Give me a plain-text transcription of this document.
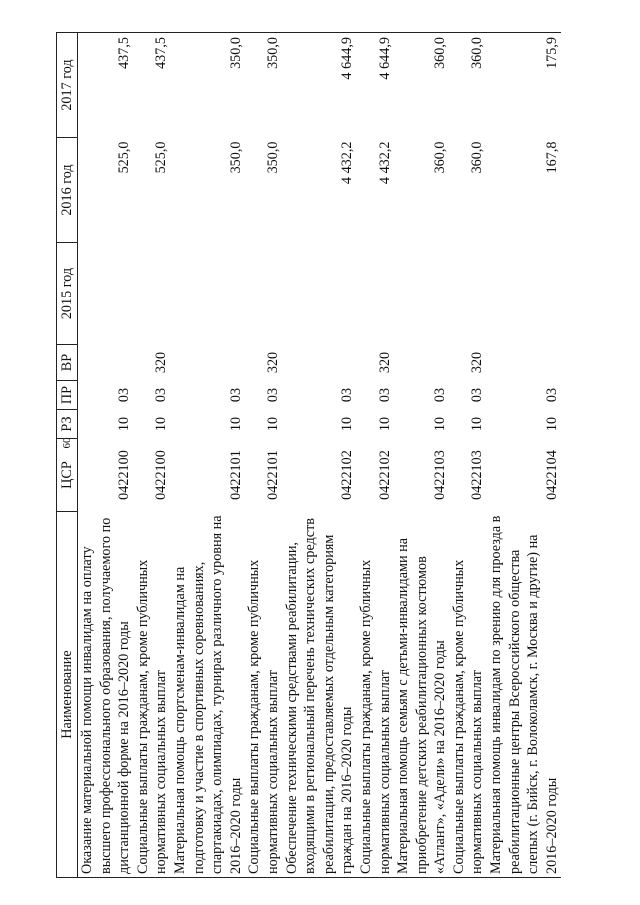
60
Наименование	ЦСР	РЗ	ПР	ВР	2015 год	2016 год	2017 год
Оказание материальной помощи инвалидам на оплату высшего профессионального образования, получаемого по дистанционной форме на 2016–2020 годы	0422100	10	03			525,0	437,5
Социальные выплаты гражданам, кроме публичных нормативных социальных выплат	0422100	10	03	320		525,0	437,5
Материальная помощь спортсменам-инвалидам на подготовку и участие в спортивных соревнованиях, спартакиадах, олимпиадах, турнирах различного уровня на 2016–2020 годы	0422101	10	03			350,0	350,0
Социальные выплаты гражданам, кроме публичных нормативных социальных выплат	0422101	10	03	320		350,0	350,0
Обеспечение техническими средствами реабилитации, входящими в региональный перечень технических средств реабилитации, предоставляемых отдельным категориям граждан на 2016–2020 годы	0422102	10	03			4 432,2	4 644,9
Социальные выплаты гражданам, кроме публичных нормативных социальных выплат	0422102	10	03	320		4 432,2	4 644,9
Материальная помощь семьям с детьми-инвалидами на приобретение детских реабилитационных костюмов «Атлант», «Адели» на 2016–2020 годы	0422103	10	03			360,0	360,0
Социальные выплаты гражданам, кроме публичных нормативных социальных выплат	0422103	10	03	320		360,0	360,0
Материальная помощь инвалидам по зрению для проезда в реабилитационные центры Всероссийского общества слепых (г. Бийск, г. Волоколамск, г. Москва и другие) на 2016–2020 годы	0422104	10	03			167,8	175,9
